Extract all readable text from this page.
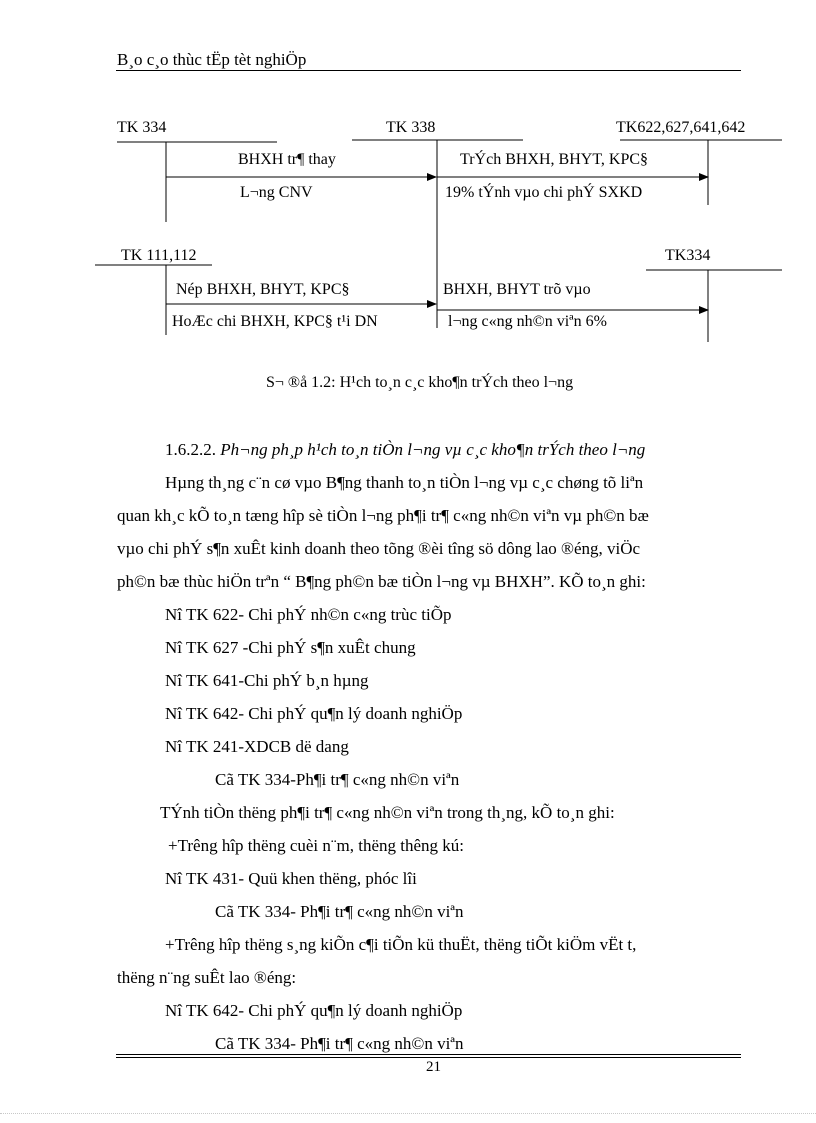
B¸o c¸o thùc tËp tèt nghiÖp
TK 334	TK 338	TK622,627,641,642
TK 111,112	TK334
BHXH tr¶ thay
L¬ng CNV
TrÝch BHXH, BHYT, KPC§
19% tÝnh vµo chi phÝ SXKD
Nép BHXH, BHYT, KPC§
HoÆc chi BHXH, KPC§ t¹i DN
BHXH, BHYT trõ vµo
l¬ng c«ng nh©n viªn 6%
S¬ ®å 1.2: H¹ch to¸n c¸c kho¶n trÝch theo l¬ng
1.6.2.2. Ph¬ng ph¸p h¹ch to¸n tiÒn l¬ng vµ c¸c kho¶n trÝch theo l¬ng
Hµng th¸ng c¨n cø vµo B¶ng thanh to¸n tiÒn l¬ng vµ c¸c chøng tõ liªn
quan kh¸c kÕ to¸n tæng hîp sè tiÒn l¬ng ph¶i tr¶ c«ng nh©n viªn vµ ph©n bæ
vµo chi phÝ s¶n xuÊt kinh doanh theo tõng ®èi tîng sö dông lao ®éng, viÖc
ph©n bæ thùc hiÖn trªn “ B¶ng ph©n bæ tiÒn l¬ng vµ BHXH”. KÕ to¸n ghi:
Nî TK 622- Chi phÝ nh©n c«ng trùc tiÕp
Nî TK 627 -Chi phÝ s¶n xuÊt chung
Nî TK 641-Chi phÝ b¸n hµng
Nî TK 642- Chi phÝ qu¶n lý doanh nghiÖp
Nî TK 241-XDCB dë dang
Cã TK 334-Ph¶i tr¶ c«ng nh©n viªn
TÝnh tiÒn thëng ph¶i tr¶ c«ng nh©n viªn trong th¸ng, kÕ to¸n ghi:
+Trêng hîp thëng cuèi n¨m, thëng thêng kú:
Nî TK 431- Quü khen thëng, phóc lîi
Cã TK 334- Ph¶i tr¶ c«ng nh©n viªn
+Trêng hîp thëng s¸ng kiÕn c¶i tiÕn kü thuËt, thëng tiÕt kiÖm vËt t,
thëng n¨ng suÊt lao ®éng:
Nî TK 642- Chi phÝ qu¶n lý doanh nghiÖp
Cã TK 334- Ph¶i tr¶ c«ng nh©n viªn
21
